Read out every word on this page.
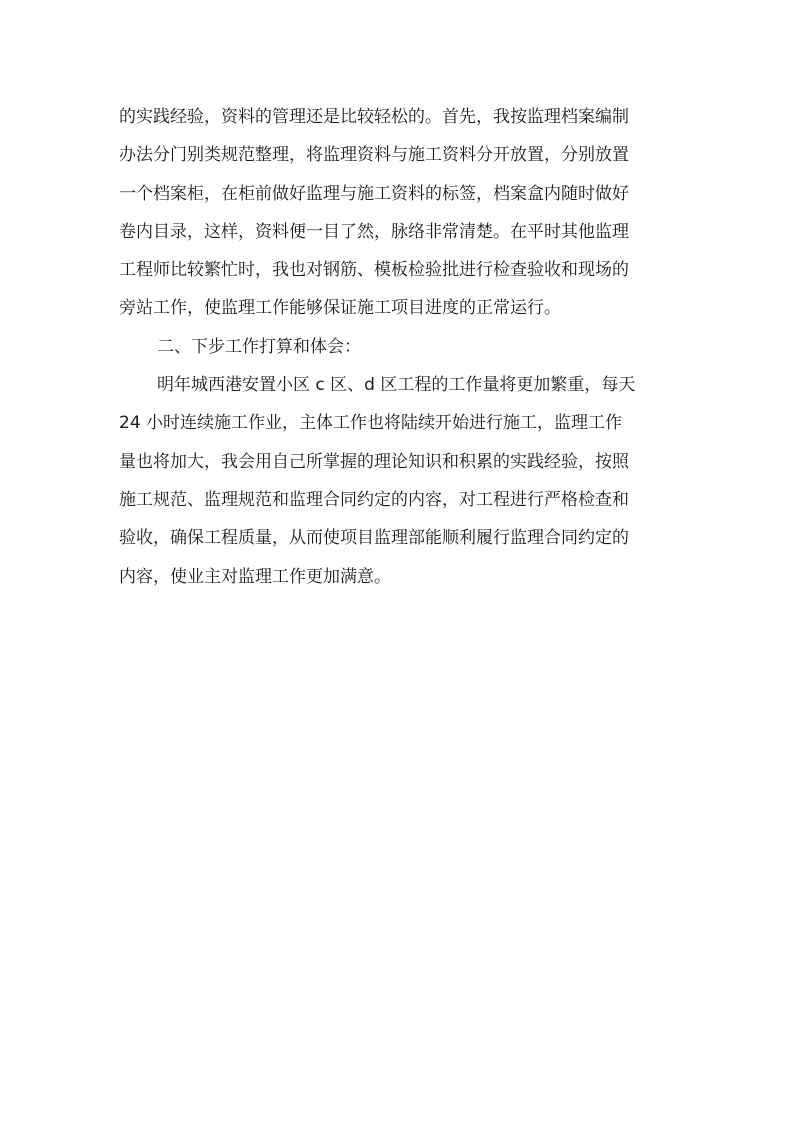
的实践经验，资料的管理还是比较轻松的。首先，我按监理档案编制
办法分门别类规范整理，将监理资料与施工资料分开放置，分别放置
一个档案柜，在柜前做好监理与施工资料的标签，档案盒内随时做好
卷内目录，这样，资料便一目了然，脉络非常清楚。在平时其他监理
工程师比较繁忙时，我也对钢筋、模板检验批进行检查验收和现场的
旁站工作，使监理工作能够保证施工项目进度的正常运行。
二、下步工作打算和体会：
明年城西港安置小区 c 区、d 区工程的工作量将更加繁重，每天
24 小时连续施工作业，主体工作也将陆续开始进行施工，监理工作
量也将加大，我会用自己所掌握的理论知识和积累的实践经验，按照
施工规范、监理规范和监理合同约定的内容，对工程进行严格检查和
验收，确保工程质量，从而使项目监理部能顺利履行监理合同约定的
内容，使业主对监理工作更加满意。
